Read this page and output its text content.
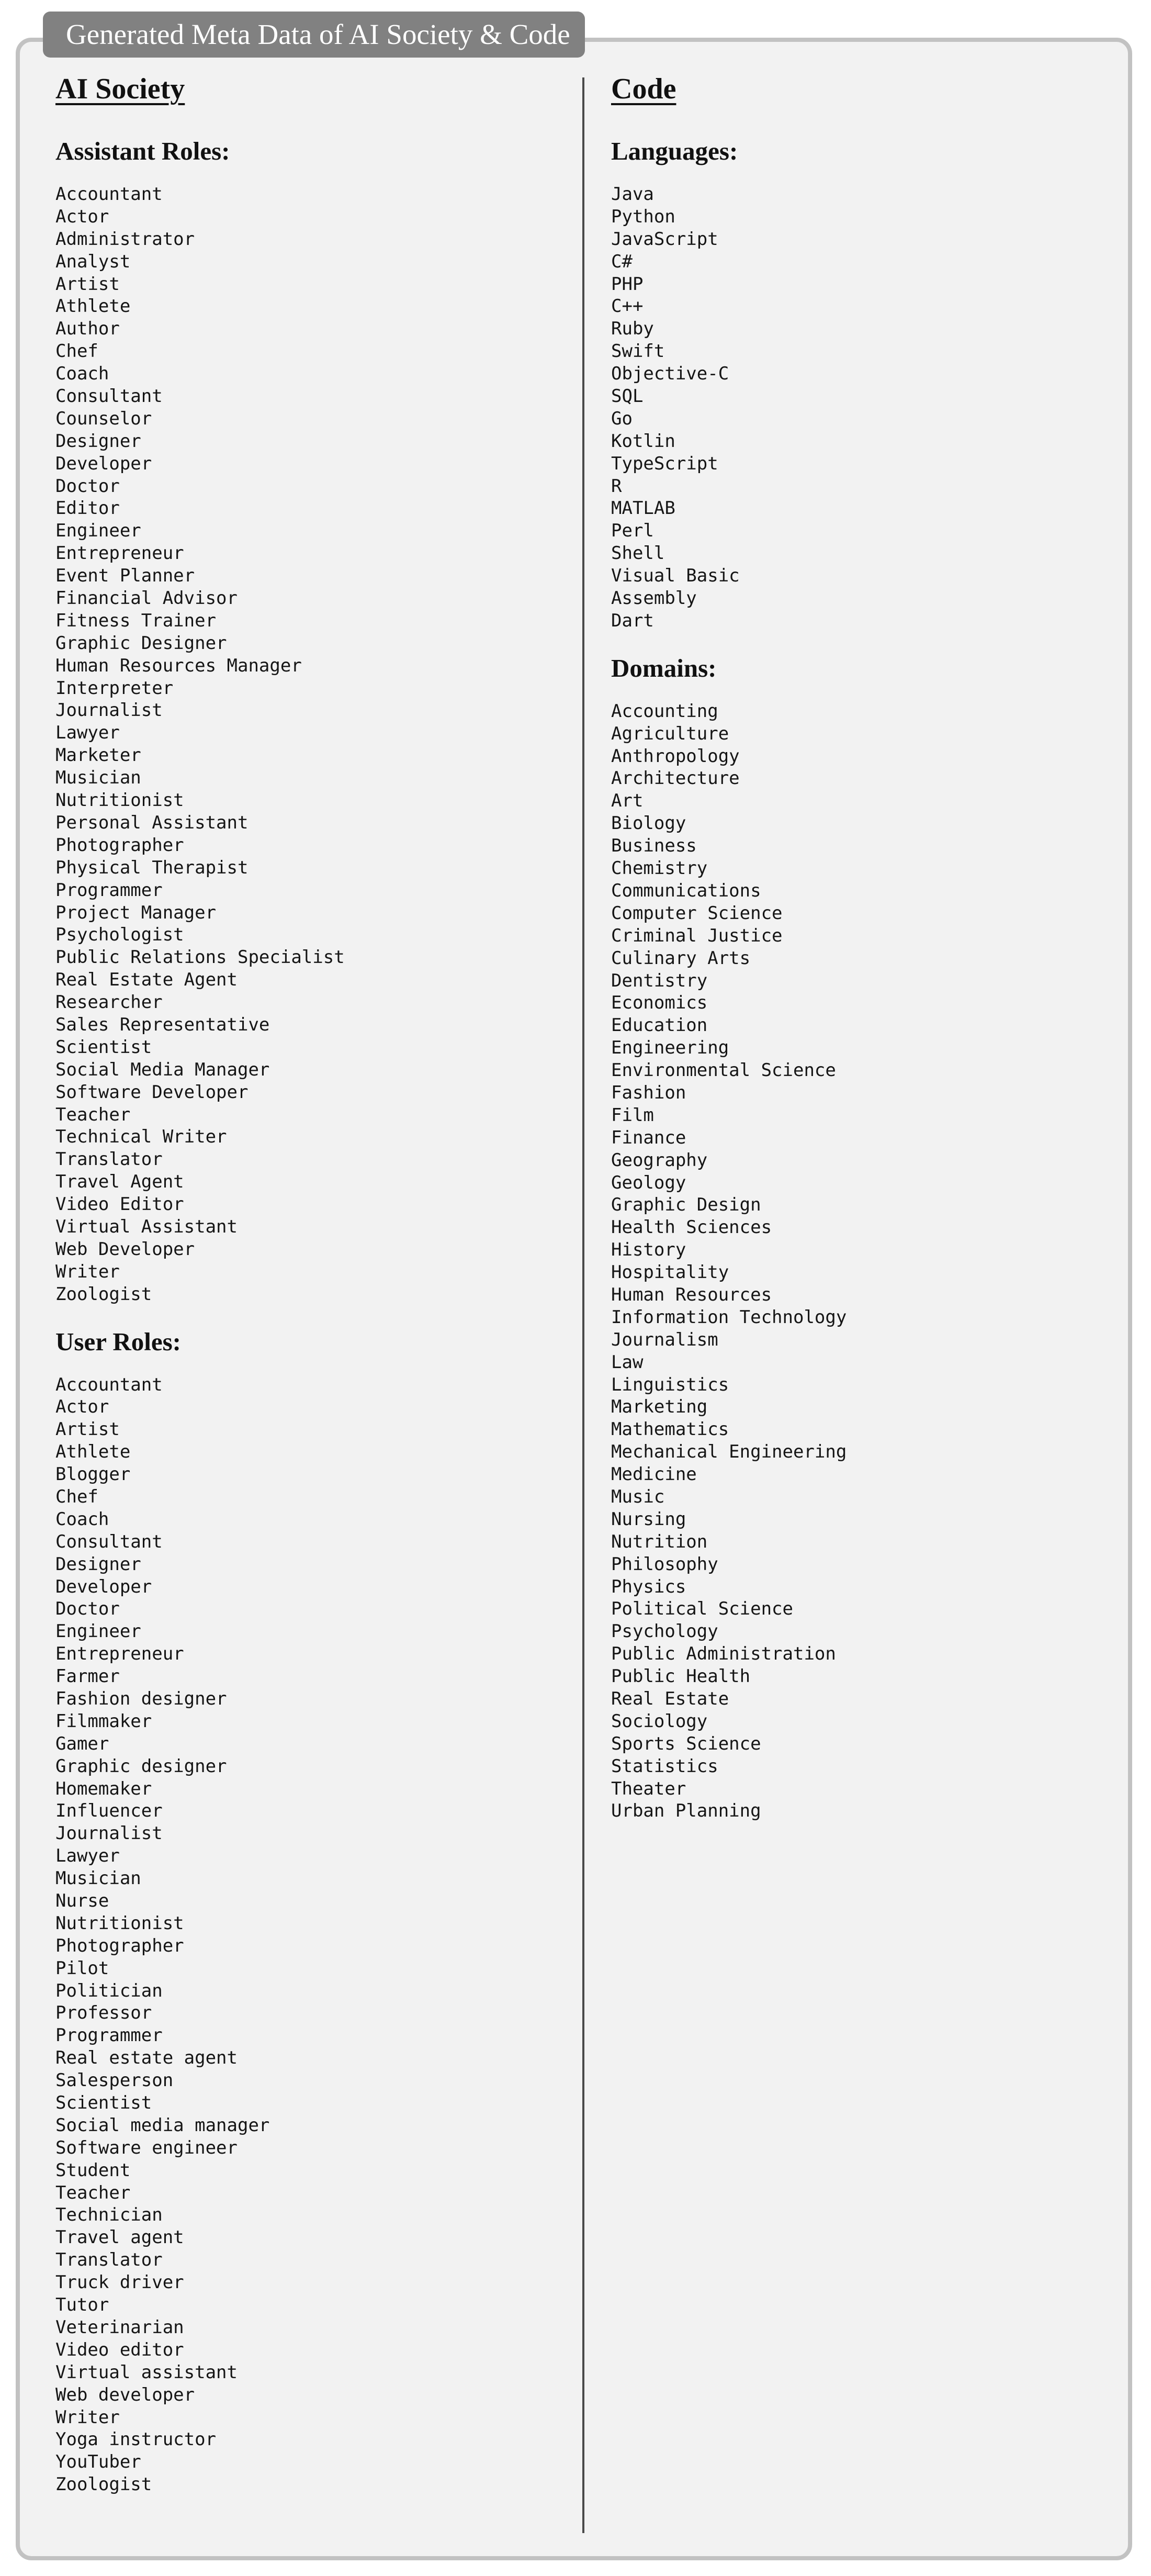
Generated Meta Data of AI Society & Code
AI Society
Assistant Roles:
Accountant
Actor
Administrator
Analyst
Artist
Athlete
Author
Chef
Coach
Consultant
Counselor
Designer
Developer
Doctor
Editor
Engineer
Entrepreneur
Event Planner
Financial Advisor
Fitness Trainer
Graphic Designer
Human Resources Manager
Interpreter
Journalist
Lawyer
Marketer
Musician
Nutritionist
Personal Assistant
Photographer
Physical Therapist
Programmer
Project Manager
Psychologist
Public Relations Specialist
Real Estate Agent
Researcher
Sales Representative
Scientist
Social Media Manager
Software Developer
Teacher
Technical Writer
Translator
Travel Agent
Video Editor
Virtual Assistant
Web Developer
Writer
Zoologist
User Roles:
Accountant
Actor
Artist
Athlete
Blogger
Chef
Coach
Consultant
Designer
Developer
Doctor
Engineer
Entrepreneur
Farmer
Fashion designer
Filmmaker
Gamer
Graphic designer
Homemaker
Influencer
Journalist
Lawyer
Musician
Nurse
Nutritionist
Photographer
Pilot
Politician
Professor
Programmer
Real estate agent
Salesperson
Scientist
Social media manager
Software engineer
Student
Teacher
Technician
Travel agent
Translator
Truck driver
Tutor
Veterinarian
Video editor
Virtual assistant
Web developer
Writer
Yoga instructor
YouTuber
Zoologist
Code
Languages:
Java
Python
JavaScript
C#
PHP
C++
Ruby
Swift
Objective-C
SQL
Go
Kotlin
TypeScript
R
MATLAB
Perl
Shell
Visual Basic
Assembly
Dart
Domains:
Accounting
Agriculture
Anthropology
Architecture
Art
Biology
Business
Chemistry
Communications
Computer Science
Criminal Justice
Culinary Arts
Dentistry
Economics
Education
Engineering
Environmental Science
Fashion
Film
Finance
Geography
Geology
Graphic Design
Health Sciences
History
Hospitality
Human Resources
Information Technology
Journalism
Law
Linguistics
Marketing
Mathematics
Mechanical Engineering
Medicine
Music
Nursing
Nutrition
Philosophy
Physics
Political Science
Psychology
Public Administration
Public Health
Real Estate
Sociology
Sports Science
Statistics
Theater
Urban Planning
